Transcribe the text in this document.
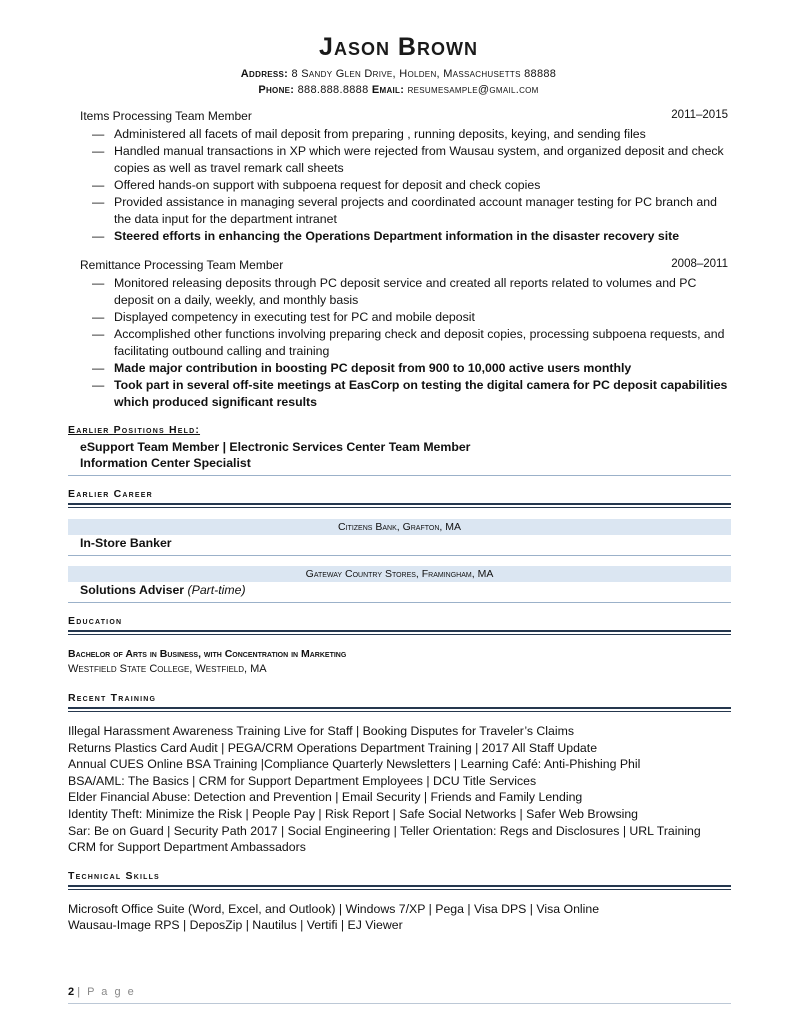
Jason Brown
Address: 8 Sandy Glen Drive, Holden, Massachusetts 88888
Phone: 888.888.8888 Email: resumesample@gmail.com
Items Processing Team Member	2011–2015
— Administered all facets of mail deposit from preparing , running deposits, keying, and sending files
— Handled manual transactions in XP which were rejected from Wausau system, and organized deposit and check copies as well as travel remark call sheets
— Offered hands-on support with subpoena request for deposit and check copies
— Provided assistance in managing several projects and coordinated account manager testing for PC branch and the data input for the department intranet
— Steered efforts in enhancing the Operations Department information in the disaster recovery site
Remittance Processing Team Member	2008–2011
— Monitored releasing deposits through PC deposit service and created all reports related to volumes and PC deposit on a daily, weekly, and monthly basis
— Displayed competency in executing test for PC and mobile deposit
— Accomplished other functions involving preparing check and deposit copies, processing subpoena requests, and facilitating outbound calling and training
— Made major contribution in boosting PC deposit from 900 to 10,000 active users monthly
— Took part in several off-site meetings at EasCorp on testing the digital camera for PC deposit capabilities which produced significant results
Earlier Positions Held:
eSupport Team Member | Electronic Services Center Team Member
Information Center Specialist
Earlier Career
Citizens Bank, Grafton, MA
In-Store Banker
Gateway Country Stores, Framingham, MA
Solutions Adviser (Part-time)
Education
Bachelor of Arts in Business, with Concentration in Marketing
Westfield State College, Westfield, MA
Recent Training
Illegal Harassment Awareness Training Live for Staff | Booking Disputes for Traveler’s Claims
Returns Plastics Card Audit | PEGA/CRM Operations Department Training | 2017 All Staff Update
Annual CUES Online BSA Training |Compliance Quarterly Newsletters | Learning Café: Anti-Phishing Phil
BSA/AML: The Basics | CRM for Support Department Employees | DCU Title Services
Elder Financial Abuse: Detection and Prevention | Email Security | Friends and Family Lending
Identity Theft: Minimize the Risk | People Pay | Risk Report | Safe Social Networks | Safer Web Browsing
Sar: Be on Guard | Security Path 2017 | Social Engineering | Teller Orientation: Regs and Disclosures | URL Training
CRM for Support Department Ambassadors
Technical Skills
Microsoft Office Suite (Word, Excel, and Outlook) | Windows 7/XP | Pega | Visa DPS | Visa Online
Wausau-Image RPS | DeposZip | Nautilus | Vertifi | EJ Viewer
2 | P a g e
